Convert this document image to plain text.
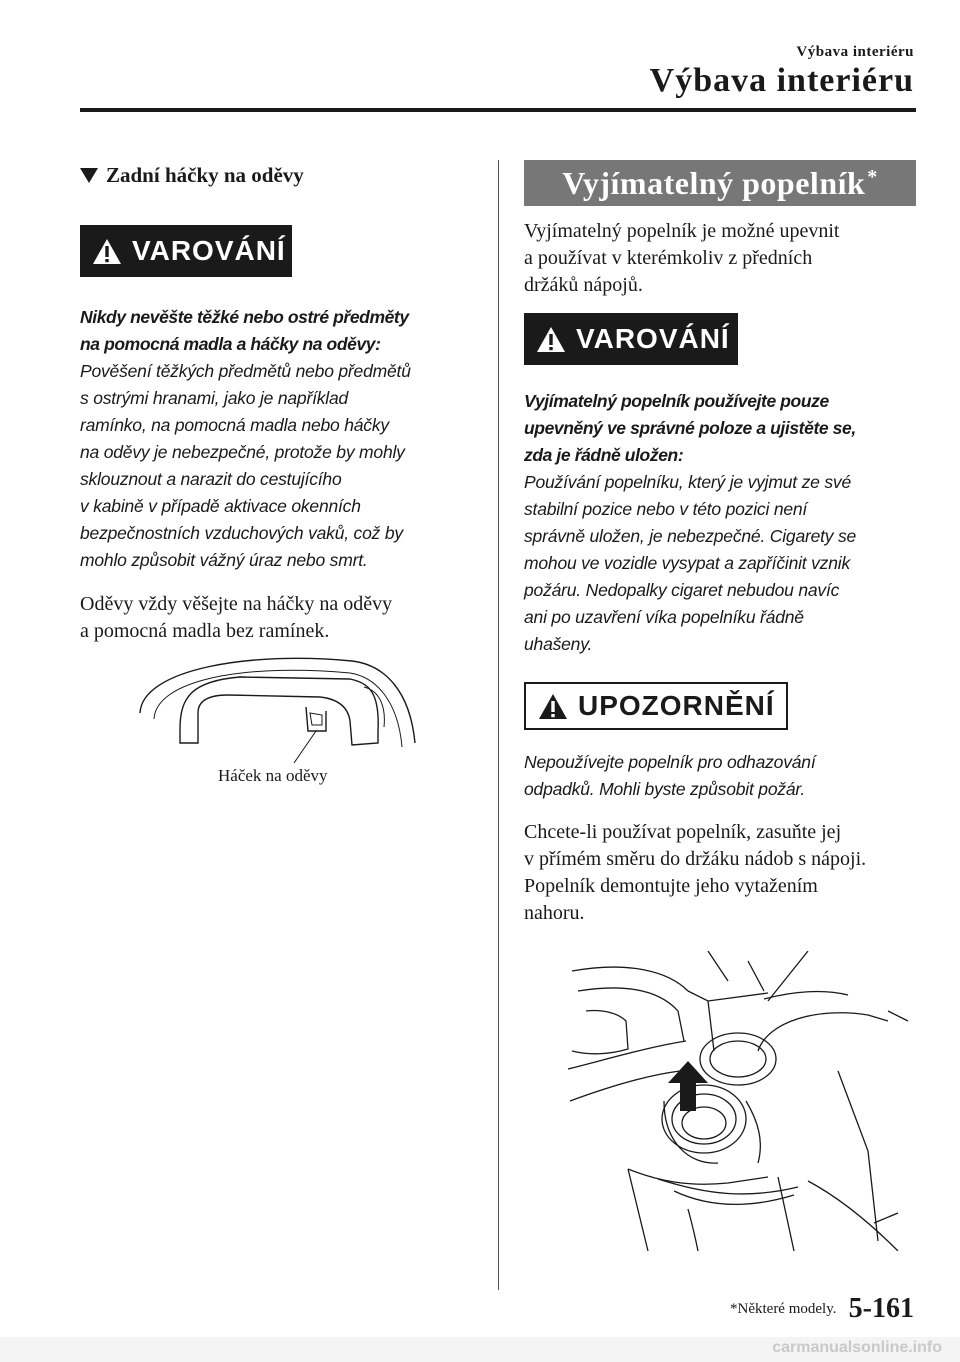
Výbava interiéru
Výbava interiéru
Zadní háčky na oděvy
VAROVÁNÍ
Nikdy nevěšte těžké nebo ostré předměty
na pomocná madla a háčky na oděvy:
Pověšení těžkých předmětů nebo předmětů
s ostrými hranami, jako je například
ramínko, na pomocná madla nebo háčky
na oděvy je nebezpečné, protože by mohly
sklouznout a narazit do cestujícího
v kabině v případě aktivace okenních
bezpečnostních vzduchových vaků, což by
mohlo způsobit vážný úraz nebo smrt.
Oděvy vždy věšejte na háčky na oděvy
a pomocná madla bez ramínek.
Háček na oděvy
Vyjímatelný popelník*
Vyjímatelný popelník je možné upevnit
a používat v kterémkoliv z předních
držáků nápojů.
VAROVÁNÍ
Vyjímatelný popelník používejte pouze
upevněný ve správné poloze a ujistěte se,
zda je řádně uložen:
Používání popelníku, který je vyjmut ze své
stabilní pozice nebo v této pozici není
správně uložen, je nebezpečné. Cigarety se
mohou ve vozidle vysypat a zapříčinit vznik
požáru. Nedopalky cigaret nebudou navíc
ani po uzavření víka popelníku řádně
uhašeny.
UPOZORNĚNÍ
Nepoužívejte popelník pro odhazování
odpadků. Mohli byste způsobit požár.
Chcete-li používat popelník, zasuňte jej
v přímém směru do držáku nádob s nápoji.
Popelník demontujte jeho vytažením
nahoru.
*Některé modely. 5-161
carmanualsonline.info
